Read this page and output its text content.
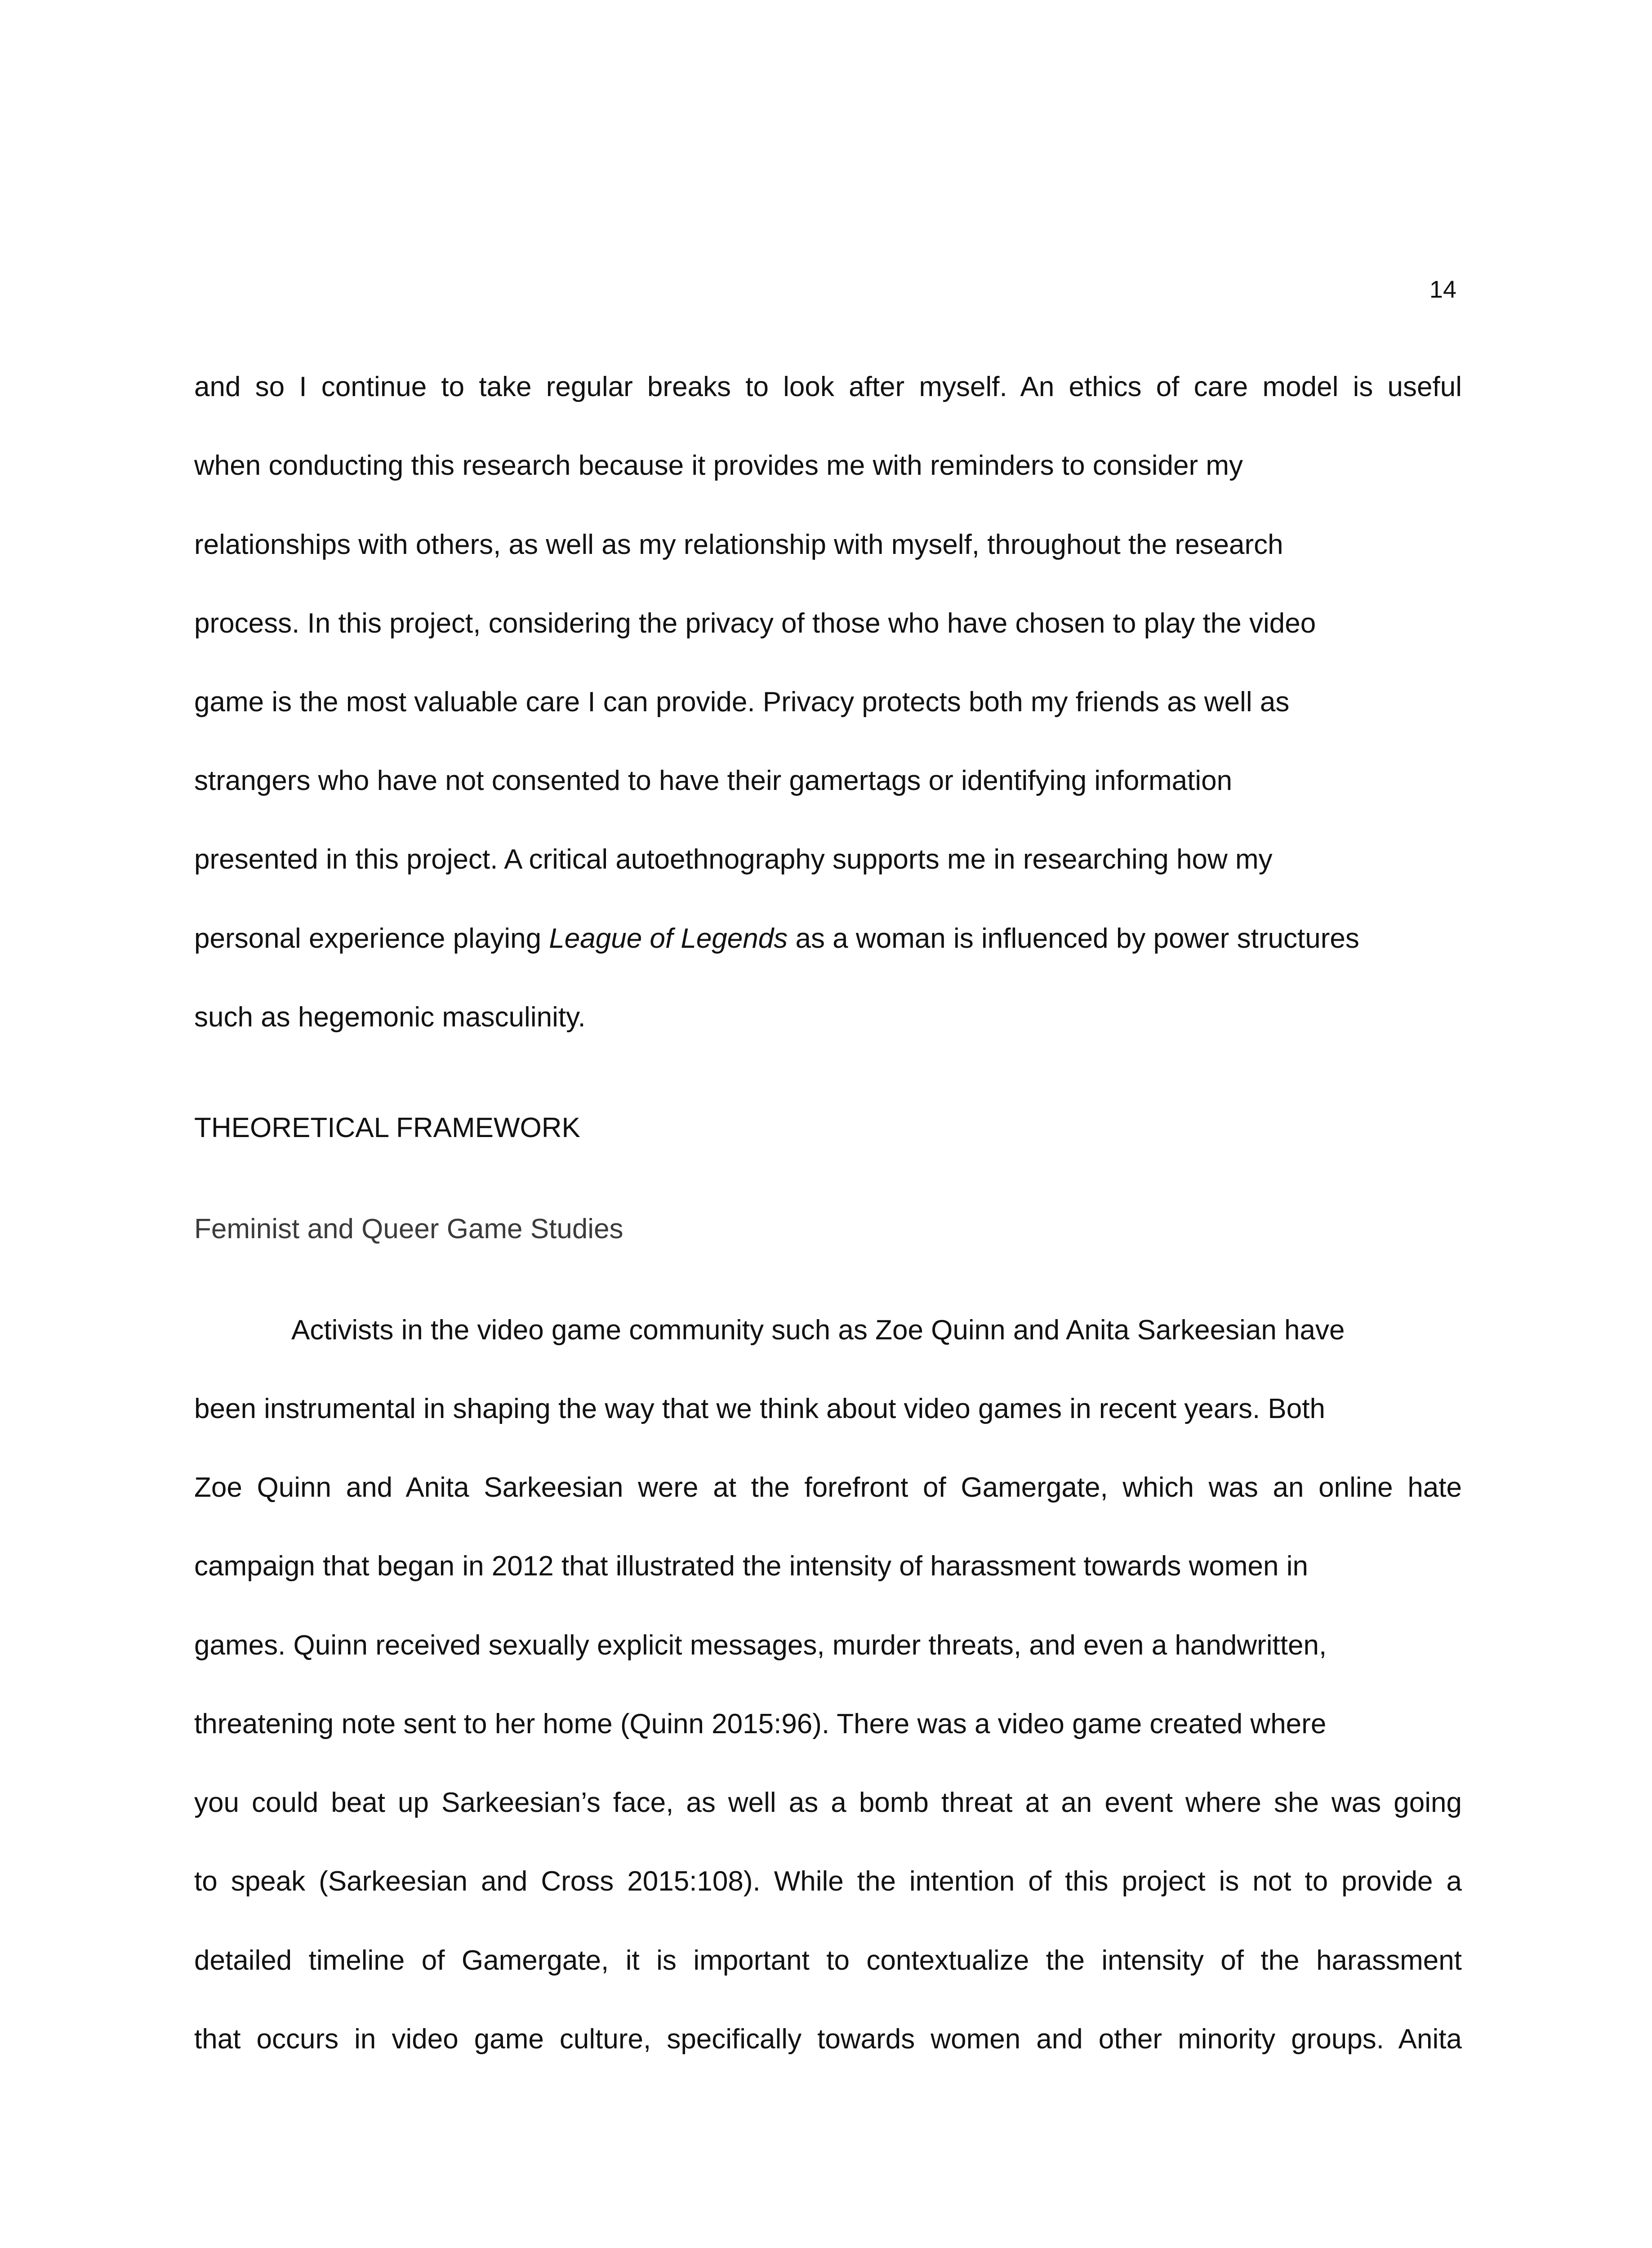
14
and so I continue to take regular breaks to look after myself. An ethics of care model is useful
when conducting this research because it provides me with reminders to consider my
relationships with others, as well as my relationship with myself, throughout the research
process. In this project, considering the privacy of those who have chosen to play the video
game is the most valuable care I can provide. Privacy protects both my friends as well as
strangers who have not consented to have their gamertags or identifying information
presented in this project. A critical autoethnography supports me in researching how my
personal experience playing League of Legends as a woman is influenced by power structures
such as hegemonic masculinity.
THEORETICAL FRAMEWORK
Feminist and Queer Game Studies
Activists in the video game community such as Zoe Quinn and Anita Sarkeesian have
been instrumental in shaping the way that we think about video games in recent years. Both
Zoe Quinn and Anita Sarkeesian were at the forefront of Gamergate, which was an online hate
campaign that began in 2012 that illustrated the intensity of harassment towards women in
games. Quinn received sexually explicit messages, murder threats, and even a handwritten,
threatening note sent to her home (Quinn 2015:96). There was a video game created where
you could beat up Sarkeesian’s face, as well as a bomb threat at an event where she was going
to speak (Sarkeesian and Cross 2015:108). While the intention of this project is not to provide a
detailed timeline of Gamergate, it is important to contextualize the intensity of the harassment
that occurs in video game culture, specifically towards women and other minority groups. Anita
